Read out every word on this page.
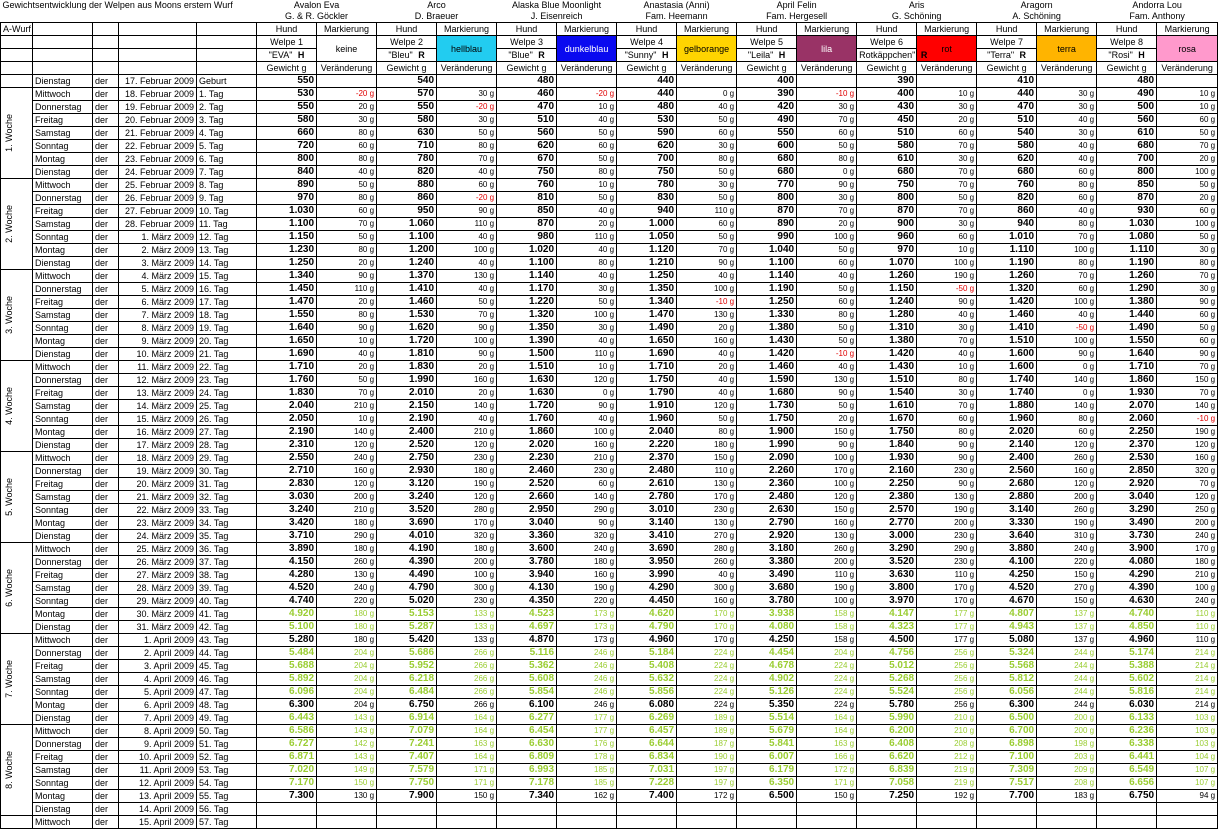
Gewichtsentwicklung der Welpen aus Moons erstem Wurf					Avalon Eva		Arco		Alaska Blue Moonlight		Anastasia (Anni)		April Felin		Aris		Aragorn		Andorra Lou	
					G. & R. Göckler		D. Braeuer		J. Eisenreich		Fam. Heemann		Fam. Hergesell		G. Schöning		A. Schöning		Fam. Anthony	
A-Wurf					Hund	Markierung	Hund	Markierung	Hund	Markierung	Hund	Markierung	Hund	Markierung	Hund	Markierung	Hund	Markierung	Hund	Markierung
					Welpe 1	keine	Welpe 2	hellblau	Welpe 3	dunkelblau	Welpe 4	gelborange	Welpe 5	lila	Welpe 6	rot	Welpe 7	terra	Welpe 8	rosa
					"EVA" H		"Bleu" R		"Blue" R		"Sunny" H		"Leila" H		Rotkäppchen" R		"Terra" R		"Rosi" H	
					Gewicht g	Veränderung	Gewicht g	Veränderung	Gewicht g	Veränderung	Gewicht g	Veränderung	Gewicht g	Veränderung	Gewicht g	Veränderung	Gewicht g	Veränderung	Gewicht g	Veränderung
	Dienstag	der	17. Februar 2009	Geburt	550		540		480		440		400		390		410		480	

1. Woche	Mittwoch	der	18. Februar 2009	1. Tag	530	-20 g	570	30 g	460	-20 g	440	0 g	390	-10 g	400	10 g	440	30 g	490	10 g
	Donnerstag	der	19. Februar 2009	2. Tag	550	20 g	550	-20 g	470	10 g	480	40 g	420	30 g	430	30 g	470	30 g	500	10 g
	Freitag	der	20. Februar 2009	3. Tag	580	30 g	580	30 g	510	40 g	530	50 g	490	70 g	450	20 g	510	40 g	560	60 g
	Samstag	der	21. Februar 2009	4. Tag	660	80 g	630	50 g	560	50 g	590	60 g	550	60 g	510	60 g	540	30 g	610	50 g
	Sonntag	der	22. Februar 2009	5. Tag	720	60 g	710	80 g	620	60 g	620	30 g	600	50 g	580	70 g	580	40 g	680	70 g
	Montag	der	23. Februar 2009	6. Tag	800	80 g	780	70 g	670	50 g	700	80 g	680	80 g	610	30 g	620	40 g	700	20 g
	Dienstag	der	24. Februar 2009	7. Tag	840	40 g	820	40 g	750	80 g	750	50 g	680	0 g	680	70 g	680	60 g	800	100 g

2. Woche	Mittwoch	der	25. Februar 2009	8. Tag	890	50 g	880	60 g	760	10 g	780	30 g	770	90 g	750	70 g	760	80 g	850	50 g
	Donnerstag	der	26. Februar 2009	9. Tag	970	80 g	860	-20 g	810	50 g	830	50 g	800	30 g	800	50 g	820	60 g	870	20 g
	Freitag	der	27. Februar 2009	10. Tag	1.030	60 g	950	90 g	850	40 g	940	110 g	870	70 g	870	70 g	860	40 g	930	60 g
	Samstag	der	28. Februar 2009	11. Tag	1.100	70 g	1.060	110 g	870	20 g	1.000	60 g	890	20 g	900	30 g	940	80 g	1.030	100 g
	Sonntag	der	1. März 2009	12. Tag	1.150	50 g	1.100	40 g	980	110 g	1.050	50 g	990	100 g	960	60 g	1.010	70 g	1.080	50 g
	Montag	der	2. März 2009	13. Tag	1.230	80 g	1.200	100 g	1.020	40 g	1.120	70 g	1.040	50 g	970	10 g	1.110	100 g	1.110	30 g
	Dienstag	der	3. März 2009	14. Tag	1.250	20 g	1.240	40 g	1.100	80 g	1.210	90 g	1.100	60 g	1.070	100 g	1.190	80 g	1.190	80 g

3. Woche	Mittwoch	der	4. März 2009	15. Tag	1.340	90 g	1.370	130 g	1.140	40 g	1.250	40 g	1.140	40 g	1.260	190 g	1.260	70 g	1.260	70 g
	Donnerstag	der	5. März 2009	16. Tag	1.450	110 g	1.410	40 g	1.170	30 g	1.350	100 g	1.190	50 g	1.150	-50 g	1.320	60 g	1.290	30 g
	Freitag	der	6. März 2009	17. Tag	1.470	20 g	1.460	50 g	1.220	50 g	1.340	-10 g	1.250	60 g	1.240	90 g	1.420	100 g	1.380	90 g
	Samstag	der	7. März 2009	18. Tag	1.550	80 g	1.530	70 g	1.320	100 g	1.470	130 g	1.330	80 g	1.280	40 g	1.460	40 g	1.440	60 g
	Sonntag	der	8. März 2009	19. Tag	1.640	90 g	1.620	90 g	1.350	30 g	1.490	20 g	1.380	50 g	1.310	30 g	1.410	-50 g	1.490	50 g
	Montag	der	9. März 2009	20. Tag	1.650	10 g	1.720	100 g	1.390	40 g	1.650	160 g	1.430	50 g	1.380	70 g	1.510	100 g	1.550	60 g
	Dienstag	der	10. März 2009	21. Tag	1.690	40 g	1.810	90 g	1.500	110 g	1.690	40 g	1.420	-10 g	1.420	40 g	1.600	90 g	1.640	90 g

4. Woche	Mittwoch	der	11. März 2009	22. Tag	1.710	20 g	1.830	20 g	1.510	10 g	1.710	20 g	1.460	40 g	1.430	10 g	1.600	0 g	1.710	70 g
	Donnerstag	der	12. März 2009	23. Tag	1.760	50 g	1.990	160 g	1.630	120 g	1.750	40 g	1.590	130 g	1.510	80 g	1.740	140 g	1.860	150 g
	Freitag	der	13. März 2009	24. Tag	1.830	70 g	2.010	20 g	1.630	0 g	1.790	40 g	1.680	90 g	1.540	30 g	1.740	0 g	1.930	70 g
	Samstag	der	14. März 2009	25. Tag	2.040	210 g	2.150	140 g	1.720	90 g	1.910	120 g	1.730	50 g	1.610	70 g	1.880	140 g	2.070	140 g
	Sonntag	der	15. März 2009	26. Tag	2.050	10 g	2.190	40 g	1.760	40 g	1.960	50 g	1.750	20 g	1.670	60 g	1.960	80 g	2.060	-10 g
	Montag	der	16. März 2009	27. Tag	2.190	140 g	2.400	210 g	1.860	100 g	2.040	80 g	1.900	150 g	1.750	80 g	2.020	60 g	2.250	190 g
	Dienstag	der	17. März 2009	28. Tag	2.310	120 g	2.520	120 g	2.020	160 g	2.220	180 g	1.990	90 g	1.840	90 g	2.140	120 g	2.370	120 g

5. Woche	Mittwoch	der	18. März 2009	29. Tag	2.550	240 g	2.750	230 g	2.230	210 g	2.370	150 g	2.090	100 g	1.930	90 g	2.400	260 g	2.530	160 g
	Donnerstag	der	19. März 2009	30. Tag	2.710	160 g	2.930	180 g	2.460	230 g	2.480	110 g	2.260	170 g	2.160	230 g	2.560	160 g	2.850	320 g
	Freitag	der	20. März 2009	31. Tag	2.830	120 g	3.120	190 g	2.520	60 g	2.610	130 g	2.360	100 g	2.250	90 g	2.680	120 g	2.920	70 g
	Samstag	der	21. März 2009	32. Tag	3.030	200 g	3.240	120 g	2.660	140 g	2.780	170 g	2.480	120 g	2.380	130 g	2.880	200 g	3.040	120 g
	Sonntag	der	22. März 2009	33. Tag	3.240	210 g	3.520	280 g	2.950	290 g	3.010	230 g	2.630	150 g	2.570	190 g	3.140	260 g	3.290	250 g
	Montag	der	23. März 2009	34. Tag	3.420	180 g	3.690	170 g	3.040	90 g	3.140	130 g	2.790	160 g	2.770	200 g	3.330	190 g	3.490	200 g
	Dienstag	der	24. März 2009	35. Tag	3.710	290 g	4.010	320 g	3.360	320 g	3.410	270 g	2.920	130 g	3.000	230 g	3.640	310 g	3.730	240 g

6. Woche	Mittwoch	der	25. März 2009	36. Tag	3.890	180 g	4.190	180 g	3.600	240 g	3.690	280 g	3.180	260 g	3.290	290 g	3.880	240 g	3.900	170 g
	Donnerstag	der	26. März 2009	37. Tag	4.150	260 g	4.390	200 g	3.780	180 g	3.950	260 g	3.380	200 g	3.520	230 g	4.100	220 g	4.080	180 g
	Freitag	der	27. März 2009	38. Tag	4.280	130 g	4.490	100 g	3.940	160 g	3.990	40 g	3.490	110 g	3.630	110 g	4.250	150 g	4.290	210 g
	Samstag	der	28. März 2009	39. Tag	4.520	240 g	4.790	300 g	4.130	190 g	4.290	300 g	3.680	190 g	3.800	170 g	4.520	270 g	4.390	100 g
	Sonntag	der	29. März 2009	40. Tag	4.740	220 g	5.020	230 g	4.350	220 g	4.450	160 g	3.780	100 g	3.970	170 g	4.670	150 g	4.630	240 g
	Montag	der	30. März 2009	41. Tag	4.920	180 g	5.153	133 g	4.523	173 g	4.620	170 g	3.938	158 g	4.147	177 g	4.807	137 g	4.740	110 g
	Dienstag	der	31. März 2009	42. Tag	5.100	180 g	5.287	133 g	4.697	173 g	4.790	170 g	4.080	158 g	4.323	177 g	4.943	137 g	4.850	110 g

7. Woche	Mittwoch	der	1. April 2009	43. Tag	5.280	180 g	5.420	133 g	4.870	173 g	4.960	170 g	4.250	158 g	4.500	177 g	5.080	137 g	4.960	110 g
	Donnerstag	der	2. April 2009	44. Tag	5.484	204 g	5.686	266 g	5.116	246 g	5.184	224 g	4.454	204 g	4.756	256 g	5.324	244 g	5.174	214 g
	Freitag	der	3. April 2009	45. Tag	5.688	204 g	5.952	266 g	5.362	246 g	5.408	224 g	4.678	224 g	5.012	256 g	5.568	244 g	5.388	214 g
	Samstag	der	4. April 2009	46. Tag	5.892	204 g	6.218	266 g	5.608	246 g	5.632	224 g	4.902	224 g	5.268	256 g	5.812	244 g	5.602	214 g
	Sonntag	der	5. April 2009	47. Tag	6.096	204 g	6.484	266 g	5.854	246 g	5.856	224 g	5.126	224 g	5.524	256 g	6.056	244 g	5.816	214 g
	Montag	der	6. April 2009	48. Tag	6.300	204 g	6.750	266 g	6.100	246 g	6.080	224 g	5.350	224 g	5.780	256 g	6.300	244 g	6.030	214 g
	Dienstag	der	7. April 2009	49. Tag	6.443	143 g	6.914	164 g	6.277	177 g	6.269	189 g	5.514	164 g	5.990	210 g	6.500	200 g	6.133	103 g

8. Woche	Mittwoch	der	8. April 2009	50. Tag	6.586	143 g	7.079	164 g	6.454	177 g	6.457	189 g	5.679	164 g	6.200	210 g	6.700	200 g	6.236	103 g
	Donnerstag	der	9. April 2009	51. Tag	6.727	142 g	7.241	163 g	6.630	176 g	6.644	187 g	5.841	163 g	6.408	208 g	6.898	198 g	6.338	103 g
	Freitag	der	10. April 2009	52. Tag	6.871	143 g	7.407	164 g	6.809	178 g	6.834	190 g	6.007	166 g	6.620	212 g	7.100	203 g	6.441	104 g
	Samstag	der	11. April 2009	53. Tag	7.020	149 g	7.579	171 g	6.993	185 g	7.031	197 g	6.179	172 g	6.839	219 g	7.309	209 g	6.549	107 g
	Sonntag	der	12. April 2009	54. Tag	7.170	150 g	7.750	171 g	7.178	185 g	7.228	197 g	6.350	171 g	7.058	219 g	7.517	208 g	6.656	107 g
	Montag	der	13. April 2009	55. Tag	7.300	130 g	7.900	150 g	7.340	162 g	7.400	172 g	6.500	150 g	7.250	192 g	7.700	183 g	6.750	94 g
	Dienstag	der	14. April 2009	56. Tag																
	Mittwoch	der	15. April 2009	57. Tag																
